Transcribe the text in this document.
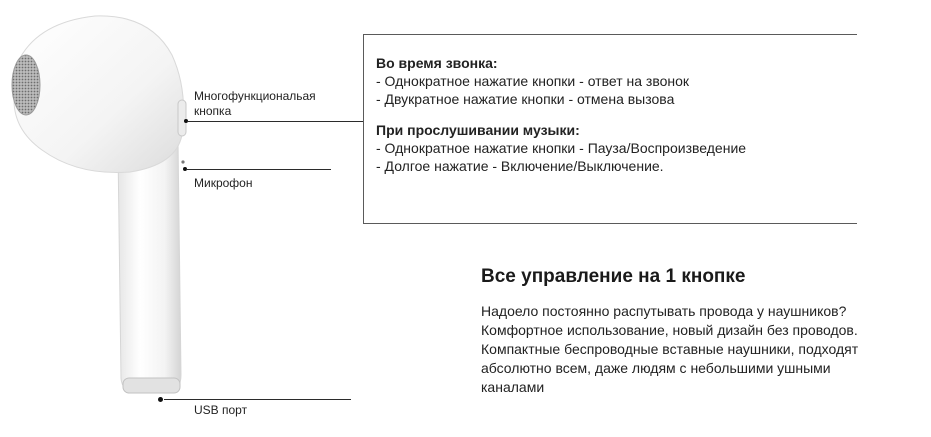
Многофункциональая кнопка
Микрофон
USB порт

Во время звонка:

- Однократное нажатие кнопки - ответ на звонок

- Двукратное нажатие кнопки - отмена вызова

При прослушивании музыки:

- Однократное нажатие кнопки - Пауза/Воспроизведение

- Долгое нажатие - Включение/Выключение.

Все управление на 1 кнопке

Надоело постоянно распутывать провода у наушников?

Комфортное использование, новый дизайн без проводов.

Компактные беспроводные вставные наушники, подходят

абсолютно всем, даже людям с небольшими ушными

каналами
